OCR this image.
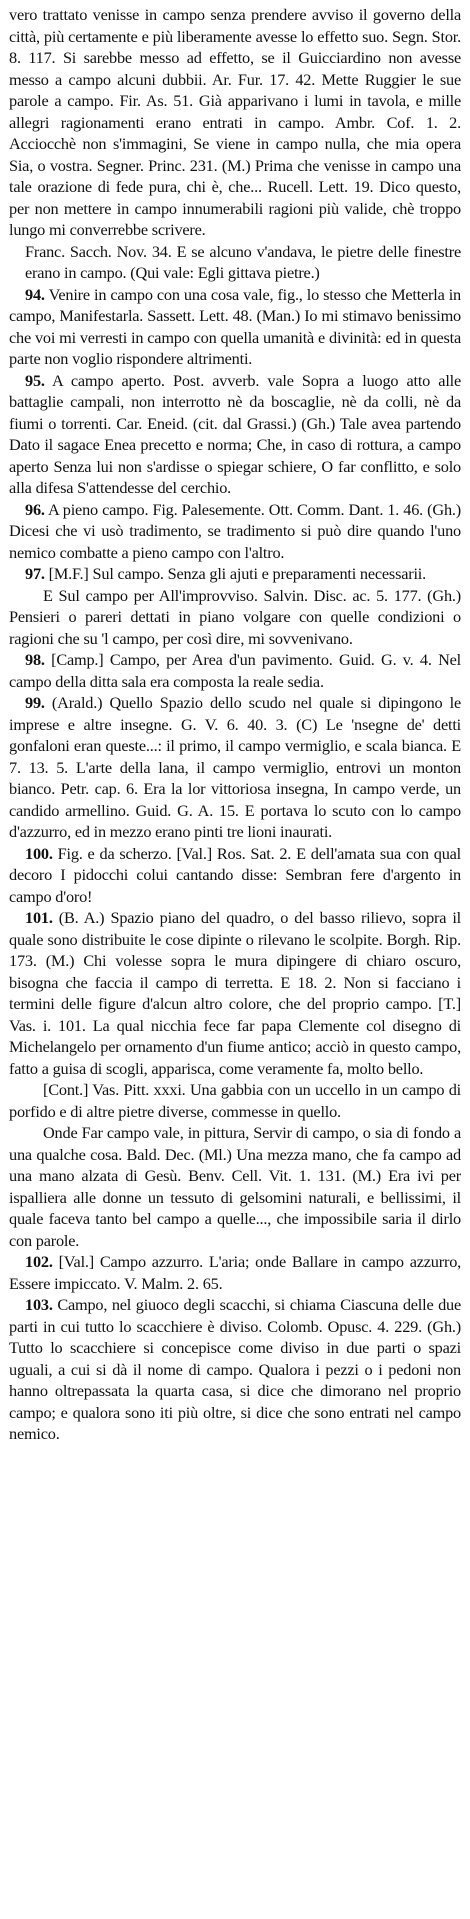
vero trattato venisse in campo senza prendere avviso il governo della città, più certamente e più liberamente avesse lo effetto suo. Segn. Stor. 8. 117. Si sarebbe messo ad effetto, se il Guicciardino non avesse messo a campo alcuni dubbii. Ar. Fur. 17. 42. Mette Ruggier le sue parole a campo. Fir. As. 51. Già apparivano i lumi in tavola, e mille allegri ragionamenti erano entrati in campo. Ambr. Cof. 1. 2. Acciocchè non s'immagini, Se viene in campo nulla, che mia opera Sia, o vostra. Segner. Princ. 231. (M.) Prima che venisse in campo una tale orazione di fede pura, chi è, che... Rucell. Lett. 19. Dico questo, per non mettere in campo innumerabili ragioni più valide, chè troppo lungo mi converrebbe scrivere.

Franc. Sacch. Nov. 34. E se alcuno v'andava, le pietre delle finestre erano in campo. (Qui vale: Egli gittava pietre.)

94. Venire in campo con una cosa vale, fig., lo stesso che Metterla in campo, Manifestarla. Sassett. Lett. 48. (Man.) Io mi stimavo benissimo che voi mi verresti in campo con quella umanità e divinità: ed in questa parte non voglio rispondere altrimenti.

95. A campo aperto. Post. avverb. vale Sopra a luogo atto alle battaglie campali, non interrotto nè da boscaglie, nè da colli, nè da fiumi o torrenti. Car. Eneid. (cit. dal Grassi.) (Gh.) Tale avea partendo Dato il sagace Enea precetto e norma; Che, in caso di rottura, a campo aperto Senza lui non s'ardisse o spiegar schiere, O far conflitto, e solo alla difesa S'attendesse del cerchio.

96. A pieno campo. Fig. Palesemente. Ott. Comm. Dant. 1. 46. (Gh.) Dicesi che vi usò tradimento, se tradimento si può dire quando l'uno nemico combatte a pieno campo con l'altro.

97. [M.F.] Sul campo. Senza gli ajuti e preparamenti necessarii.

E Sul campo per All'improvviso. Salvin. Disc. ac. 5. 177. (Gh.) Pensieri o pareri dettati in piano volgare con quelle condizioni o ragioni che su 'l campo, per così dire, mi sovvenivano.

98. [Camp.] Campo, per Area d'un pavimento. Guid. G. v. 4. Nel campo della ditta sala era composta la reale sedia.

99. (Arald.) Quello Spazio dello scudo nel quale si dipingono le imprese e altre insegne. G. V. 6. 40. 3. (C) Le 'nsegne de' detti gonfaloni eran queste...: il primo, il campo vermiglio, e scala bianca. E 7. 13. 5. L'arte della lana, il campo vermiglio, entrovi un monton bianco. Petr. cap. 6. Era la lor vittoriosa insegna, In campo verde, un candido armellino. Guid. G. A. 15. E portava lo scuto con lo campo d'azzurro, ed in mezzo erano pinti tre lioni inaurati.

100. Fig. e da scherzo. [Val.] Ros. Sat. 2. E dell'amata sua con qual decoro I pidocchi colui cantando disse: Sembran fere d'argento in campo d'oro!

101. (B. A.) Spazio piano del quadro, o del basso rilievo, sopra il quale sono distribuite le cose dipinte o rilevano le scolpite. Borgh. Rip. 173. (M.) Chi volesse sopra le mura dipingere di chiaro oscuro, bisogna che faccia il campo di terretta. E 18. 2. Non si facciano i termini delle figure d'alcun altro colore, che del proprio campo. [T.] Vas. i. 101. La qual nicchia fece far papa Clemente col disegno di Michelangelo per ornamento d'un fiume antico; acciò in questo campo, fatto a guisa di scogli, apparisca, come veramente fa, molto bello.

[Cont.] Vas. Pitt. xxxi. Una gabbia con un uccello in un campo di porfido e di altre pietre diverse, commesse in quello.

Onde Far campo vale, in pittura, Servir di campo, o sia di fondo a una qualche cosa. Bald. Dec. (Ml.) Una mezza mano, che fa campo ad una mano alzata di Gesù. Benv. Cell. Vit. 1. 131. (M.) Era ivi per ispalliera alle donne un tessuto di gelsomini naturali, e bellissimi, il quale faceva tanto bel campo a quelle..., che impossibile saria il dirlo con parole.

102. [Val.] Campo azzurro. L'aria; onde Ballare in campo azzurro, Essere impiccato. V. Malm. 2. 65.

103. Campo, nel giuoco degli scacchi, si chiama Ciascuna delle due parti in cui tutto lo scacchiere è diviso. Colomb. Opusc. 4. 229. (Gh.) Tutto lo scacchiere si concepisce come diviso in due parti o spazi uguali, a cui si dà il nome di campo. Qualora i pezzi o i pedoni non hanno oltrepassata la quarta casa, si dice che dimorano nel proprio campo; e qualora sono iti più oltre, si dice che sono entrati nel campo nemico.
